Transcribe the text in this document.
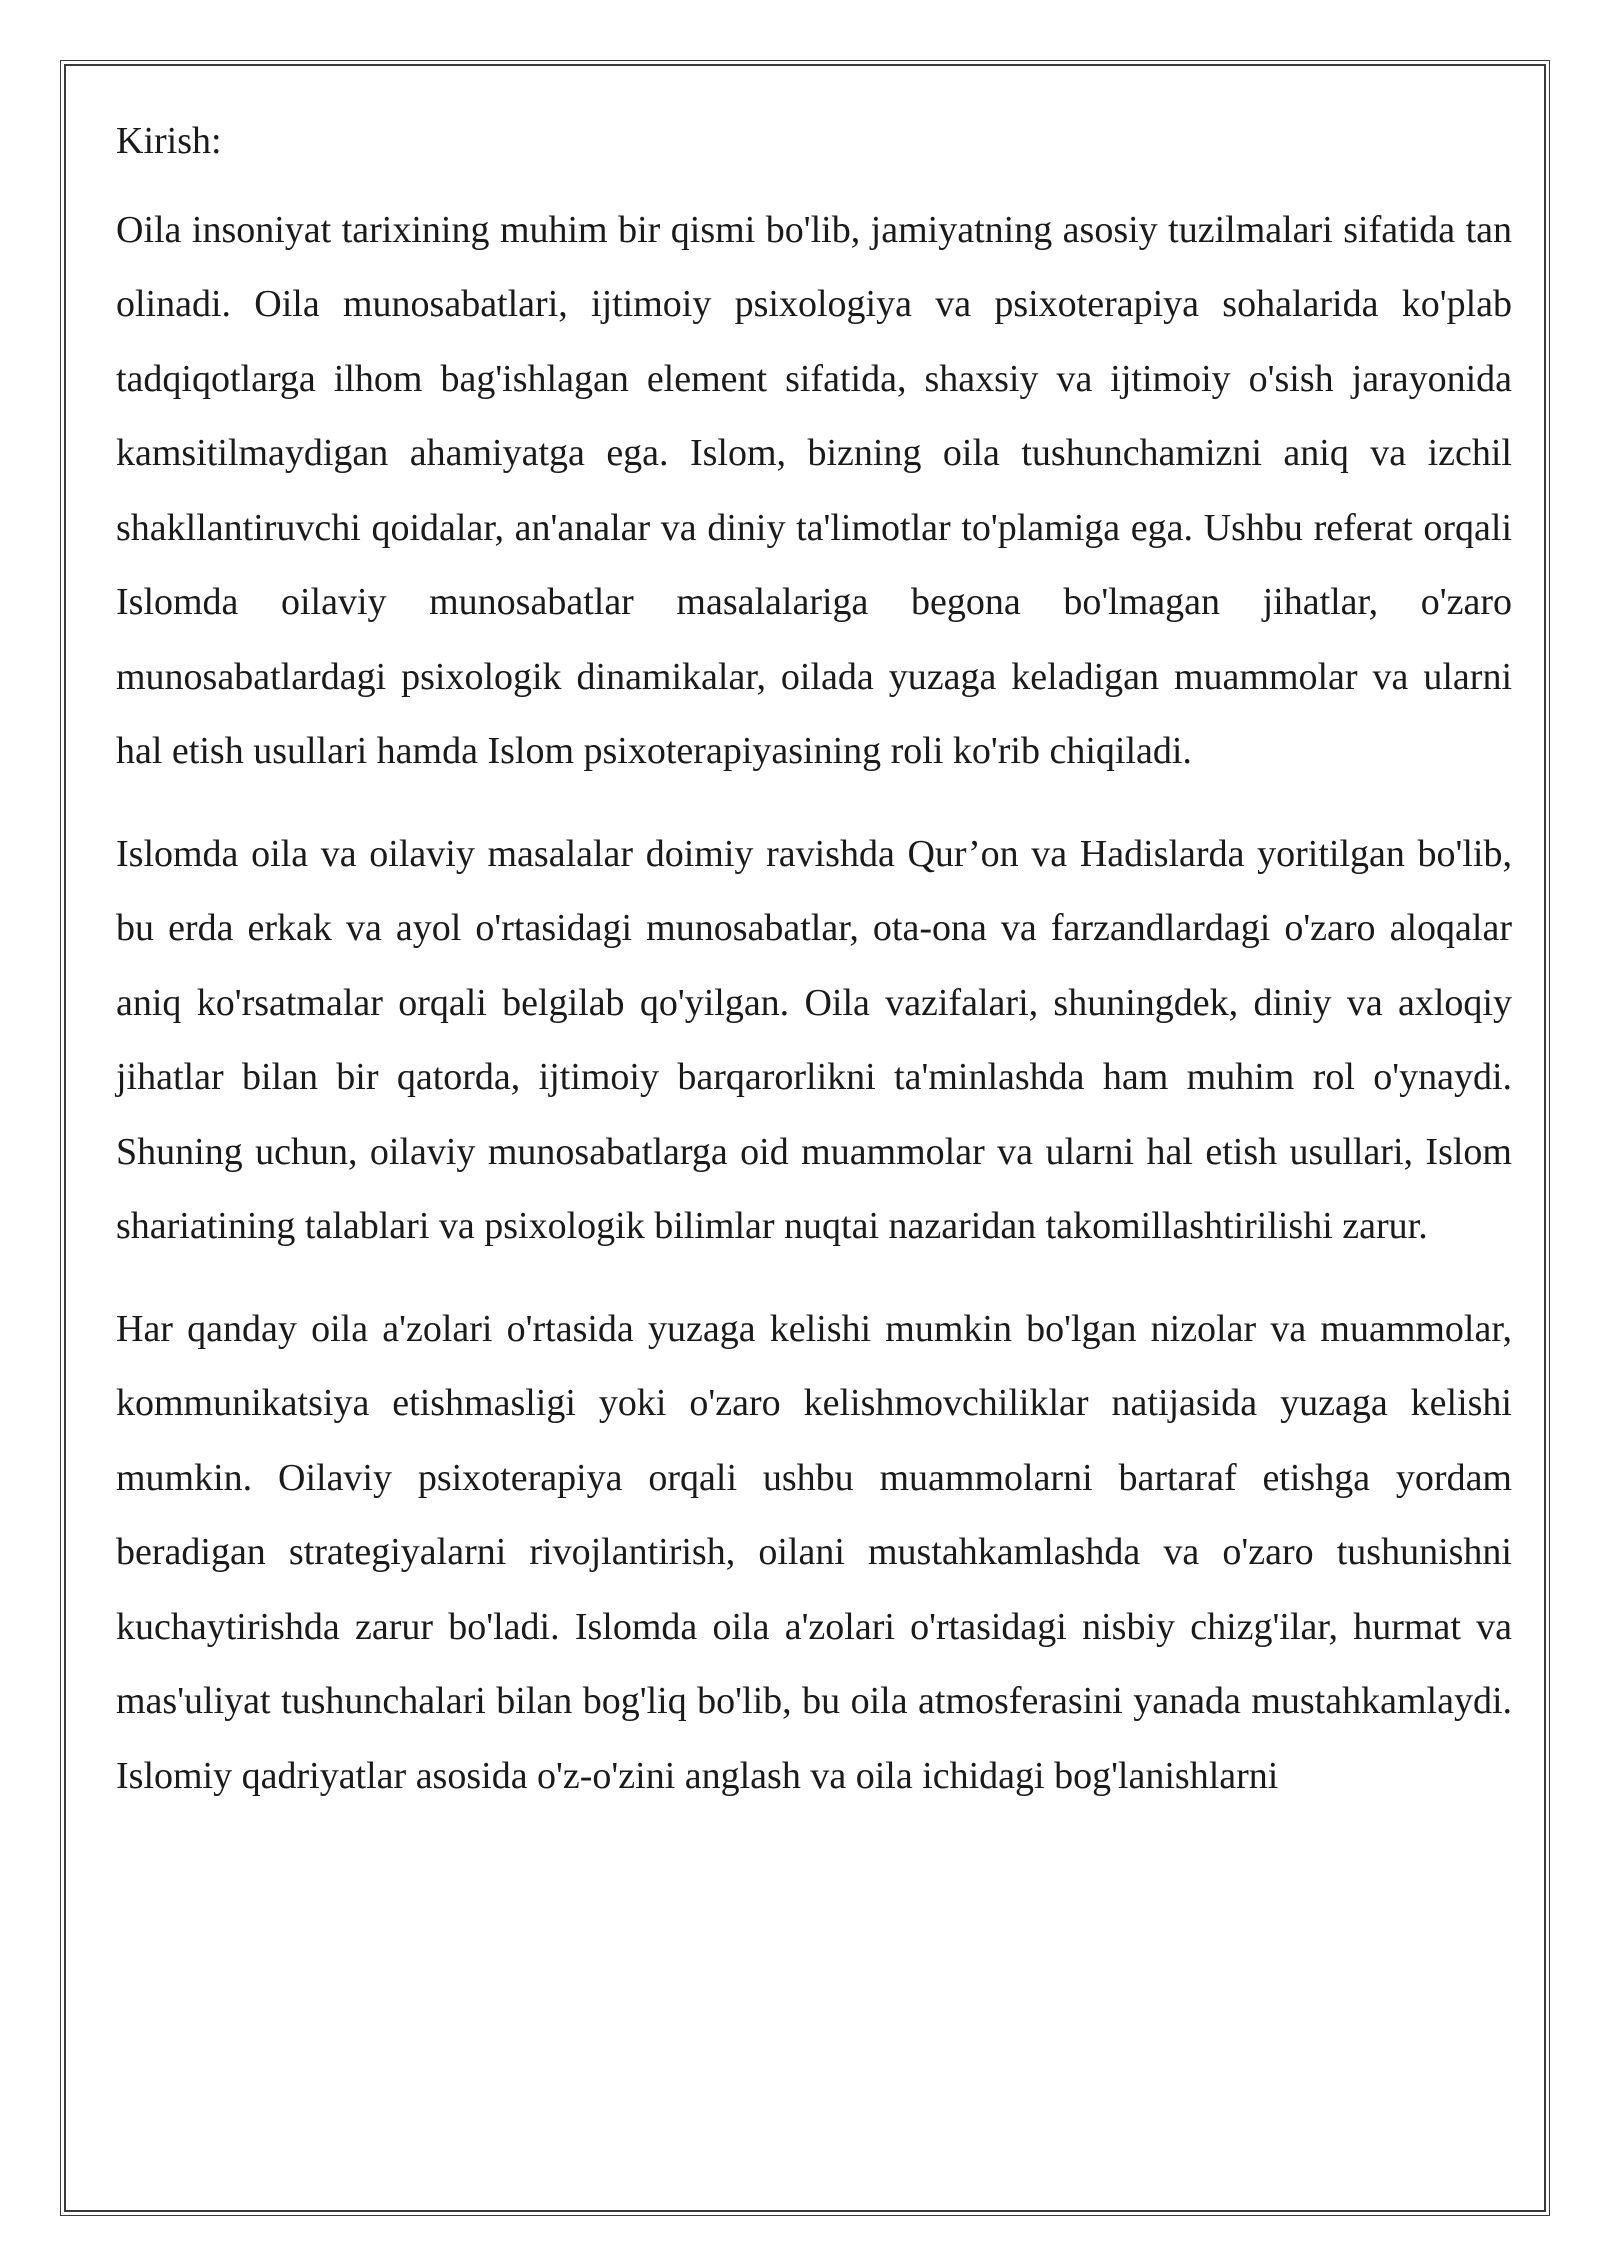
Kirish:

Oila insoniyat tarixining muhim bir qismi bo'lib, jamiyatning asosiy tuzilmalari sifatida tan olinadi. Oila munosabatlari, ijtimoiy psixologiya va psixoterapiya sohalarida ko'plab tadqiqotlarga ilhom bag'ishlagan element sifatida, shaxsiy va ijtimoiy o'sish jarayonida kamsitilmaydigan ahamiyatga ega. Islom, bizning oila tushunchamizni aniq va izchil shakllantiruvchi qoidalar, an'analar va diniy ta'limotlar to'plamiga ega. Ushbu referat orqali Islomda oilaviy munosabatlar masalalariga begona bo'lmagan jihatlar, o'zaro munosabatlardagi psixologik dinamikalar, oilada yuzaga keladigan muammolar va ularni hal etish usullari hamda Islom psixoterapiyasining roli ko'rib chiqiladi.

Islomda oila va oilaviy masalalar doimiy ravishda Qur’on va Hadislarda yoritilgan bo'lib, bu erda erkak va ayol o'rtasidagi munosabatlar, ota-ona va farzandlardagi o'zaro aloqalar aniq ko'rsatmalar orqali belgilab qo'yilgan. Oila vazifalari, shuningdek, diniy va axloqiy jihatlar bilan bir qatorda, ijtimoiy barqarorlikni ta'minlashda ham muhim rol o'ynaydi. Shuning uchun, oilaviy munosabatlarga oid muammolar va ularni hal etish usullari, Islom shariatining talablari va psixologik bilimlar nuqtai nazaridan takomillashtirilishi zarur.

Har qanday oila a'zolari o'rtasida yuzaga kelishi mumkin bo'lgan nizolar va muammolar, kommunikatsiya etishmasligi yoki o'zaro kelishmovchiliklar natijasida yuzaga kelishi mumkin. Oilaviy psixoterapiya orqali ushbu muammolarni bartaraf etishga yordam beradigan strategiyalarni rivojlantirish, oilani mustahkamlashda va o'zaro tushunishni kuchaytirishda zarur bo'ladi. Islomda oila a'zolari o'rtasidagi nisbiy chizg'ilar, hurmat va mas'uliyat tushunchalari bilan bog'liq bo'lib, bu oila atmosferasini yanada mustahkamlaydi. Islomiy qadriyatlar asosida o'z-o'zini anglash va oila ichidagi bog'lanishlarni
